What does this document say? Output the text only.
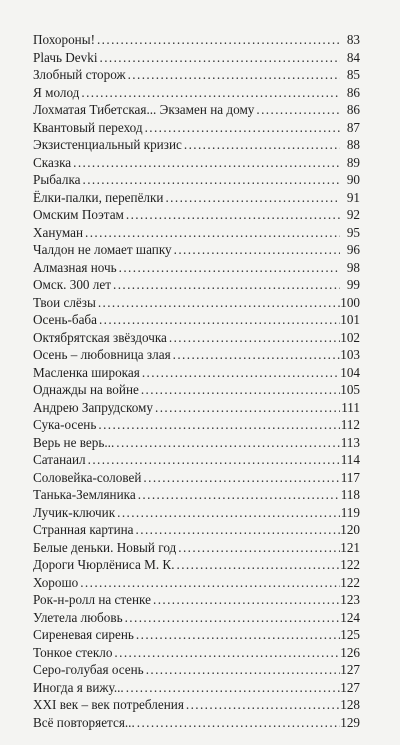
Похороны! .....	83
Plачь Devki .....	84
Злобный сторож .....	85
Я молод .....	86
Лохматая Тибетская... Экзамен на дому .....	86
Квантовый переход .....	87
Экзистенциальный кризис .....	88
Сказка .....	89
Рыбалка .....	90
Ёлки-палки, перепёлки .....	91
Омским Поэтам .....	92
Хануман .....	95
Чалдон не ломает шапку .....	96
Алмазная ночь .....	98
Омск. 300 лет .....	99
Твои слёзы .....	100
Осень-баба .....	101
Октябрятская звёздочка .....	102
Осень – любовница злая .....	103
Масленка широкая .....	104
Однажды на войне .....	105
Андрею Запрудскому .....	111
Сука-осень .....	112
Верь не верь... .....	113
Сатанаил .....	114
Соловейка-соловей .....	117
Танька-Земляника .....	118
Лучик-ключик .....	119
Странная картина .....	120
Белые деньки. Новый год .....	121
Дороги Чюрлёниса М. К. .....	122
Хорошо .....	122
Рок-н-ролл на стенке .....	123
Улетела любовь .....	124
Сиреневая сирень .....	125
Тонкое стекло .....	126
Серо-голубая осень .....	127
Иногда я вижу... .....	127
XXI век – век потребления .....	128
Всё повторяется... .....	129
